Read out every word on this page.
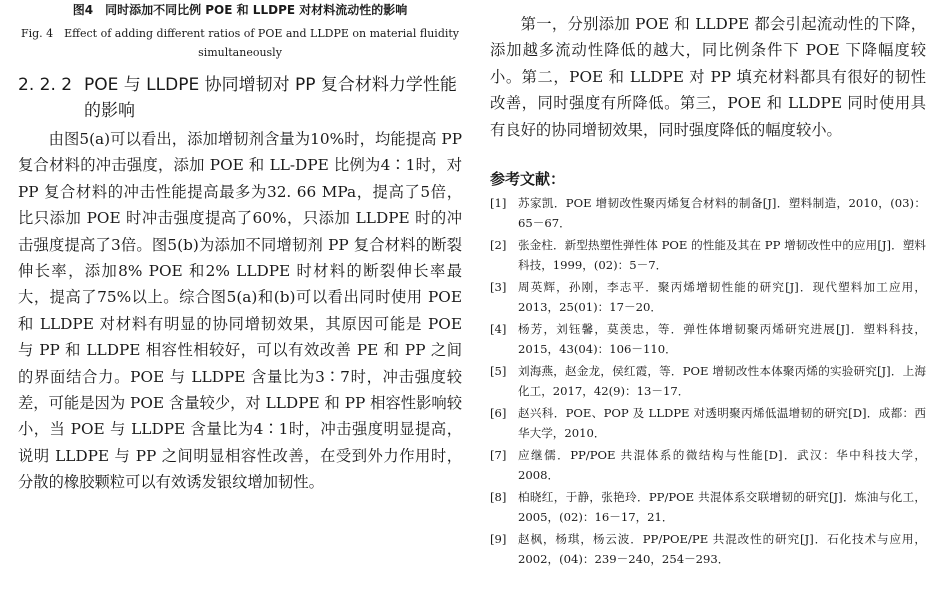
图4　同时添加不同比例 POE 和 LLDPE 对材料流动性的影响
Fig. 4　Effect of adding different ratios of POE and LLDPE on material fluidity simultaneously
2. 2. 2 POE 与 LLDPE 协同增韧对 PP 复合材料力学性能的影响

由图5(a)可以看出，添加增韧剂含量为10%时，均能提高 PP 复合材料的冲击强度，添加 POE 和 LL-DPE 比例为4∶1时，对 PP 复合材料的冲击性能提高最多为32. 66 MPa，提高了5倍，比只添加 POE 时冲击强度提高了60%，只添加 LLDPE 时的冲击强度提高了3倍。图5(b)为添加不同增韧剂 PP 复合材料的断裂伸长率，添加8% POE 和2% LLDPE 时材料的断裂伸长率最大，提高了75%以上。综合图5(a)和(b)可以看出同时使用 POE 和 LLDPE 对材料有明显的协同增韧效果，其原因可能是 POE 与 PP 和 LLDPE 相容性相较好，可以有效改善 PE 和 PP 之间的界面结合力。POE 与 LLDPE 含量比为3∶7时，冲击强度较差，可能是因为 POE 含量较少，对 LLDPE 和 PP 相容性影响较小，当 POE 与 LLDPE 含量比为4∶1时，冲击强度明显提高，说明 LLDPE 与 PP 之间明显相容性改善，在受到外力作用时，分散的橡胶颗粒可以有效诱发银纹增加韧性。

第一，分别添加 POE 和 LLDPE 都会引起流动性的下降，添加越多流动性降低的越大，同比例条件下 POE 下降幅度较小。第二，POE 和 LLDPE 对 PP 填充材料都具有很好的韧性改善，同时强度有所降低。第三，POE 和 LLDPE 同时使用具有良好的协同增韧效果，同时强度降低的幅度较小。

参考文献：
[1] 苏家凯．POE 增韧改性聚丙烯复合材料的制备[J]．塑料制造，2010，(03)：65－67．
[2] 张金柱．新型热塑性弹性体 POE 的性能及其在 PP 增韧改性中的应用[J]．塑料科技，1999，(02)：5－7．
[3] 周英辉，孙刚，李志平．聚丙烯增韧性能的研究[J]．现代塑料加工应用，2013，25(01)：17－20．
[4] 杨芳，刘钰馨，莫羡忠，等．弹性体增韧聚丙烯研究进展[J]．塑料科技，2015，43(04)：106－110．
[5] 刘海燕，赵金龙，侯红霞，等．POE 增韧改性本体聚丙烯的实验研究[J]．上海化工，2017，42(9)：13－17．
[6] 赵兴科．POE、POP 及 LLDPE 对透明聚丙烯低温增韧的研究[D]．成都：西华大学，2010．
[7] 应继儒．PP/POE 共混体系的微结构与性能[D]．武汉：华中科技大学，2008．
[8] 柏晓红，于静，张艳玲．PP/POE 共混体系交联增韧的研究[J]．炼油与化工，2005，(02)：16－17，21．
[9] 赵枫，杨琪，杨云波．PP/POE/PE 共混改性的研究[J]．石化技术与应用，2002，(04)：239－240，254－293．
